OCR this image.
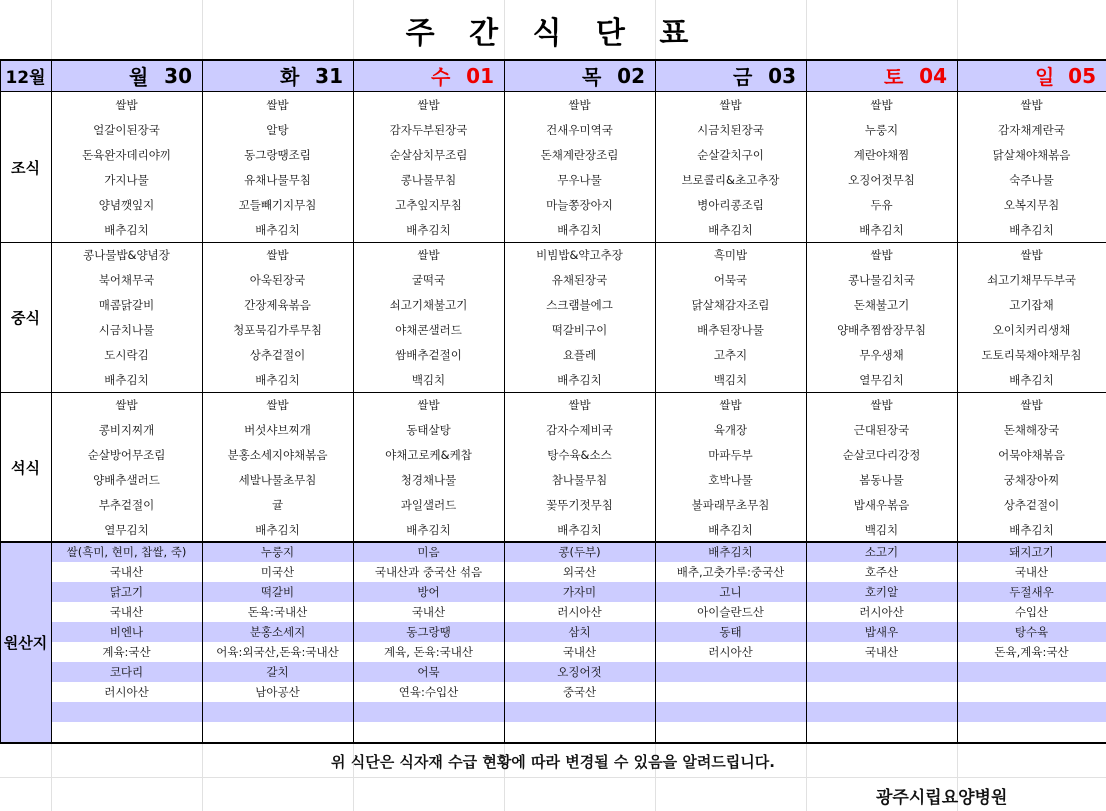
주 간 식 단 표
12월	월 30	화 31	수 01	목 02	금 03	토 04	일 05
조식
쌀밥	쌀밥	쌀밥	쌀밥	쌀밥	쌀밥	쌀밥
얼갈이된장국	알탕	감자두부된장국	건새우미역국	시금치된장국	누룽지	감자채계란국
돈육완자데리야끼	동그랑땡조림	순살삼치무조림	돈채계란장조림	순살갈치구이	계란야채찜	닭살채야채볶음
가지나물	유채나물무침	콩나물무침	무우나물	브로콜리&초고추장	오징어젓무침	숙주나물
양념깻잎지	꼬들빼기지무침	고추잎지무침	마늘쫑장아지	병아리콩조림	두유	오복지무침
배추김치	배추김치	배추김치	배추김치	배추김치	배추김치	배추김치
중식
콩나물밥&양념장	쌀밥	쌀밥	비빔밥&약고추장	흑미밥	쌀밥	쌀밥
북어채무국	아욱된장국	굴떡국	유채된장국	어묵국	콩나물김치국	쇠고기채무두부국
매콤닭갈비	간장제육볶음	쇠고기채불고기	스크램블에그	닭살채감자조림	돈채불고기	고기잡채
시금치나물	청포묵김가루무침	야채콘샐러드	떡갈비구이	배추된장나물	양배추찜쌈장무침	오이치커리생채
도시락김	상추겉절이	쌈배추겉절이	요플레	고추지	무우생채	도토리묵채야채무침
배추김치	배추김치	백김치	배추김치	백김치	열무김치	배추김치
석식
쌀밥	쌀밥	쌀밥	쌀밥	쌀밥	쌀밥	쌀밥
콩비지찌개	버섯샤브찌개	동태살탕	감자수제비국	육개장	근대된장국	돈채해장국
순살방어무조림	분홍소세지야채볶음	야채고로케&케찹	탕수육&소스	마파두부	순살코다리강정	어묵야채볶음
양배추샐러드	세발나물초무침	청경채나물	참나물무침	호박나물	봄동나물	궁채장아찌
부추겉절이	귤	과일샐러드	꽃뚜기젓무침	불파래무초무침	밥새우볶음	상추겉절이
열무김치	배추김치	배추김치	배추김치	배추김치	백김치	배추김치
원산지
쌀(흑미, 현미, 찹쌀, 죽)	누룽지	미음	콩(두부)	배추김치	소고기	돼지고기
국내산	미국산	국내산과 중국산 섞음	외국산	배추,고춧가루:중국산	호주산	국내산
닭고기	떡갈비	방어	가자미	고니	호키알	두절새우
국내산	돈육:국내산	국내산	러시아산	아이슬란드산	러시아산	수입산
비엔나	분홍소세지	동그랑땡	삼치	동태	밥새우	탕수육
계육:국산	어육:외국산,돈육:국내산	계육, 돈육:국내산	국내산	러시아산	국내산	돈육,계육:국산
코다리	갈치	어묵	오징어젓
러시아산	남아공산	연육:수입산	중국산
위 식단은 식자재 수급 현황에 따라 변경될 수 있음을 알려드립니다.
광주시립요양병원
